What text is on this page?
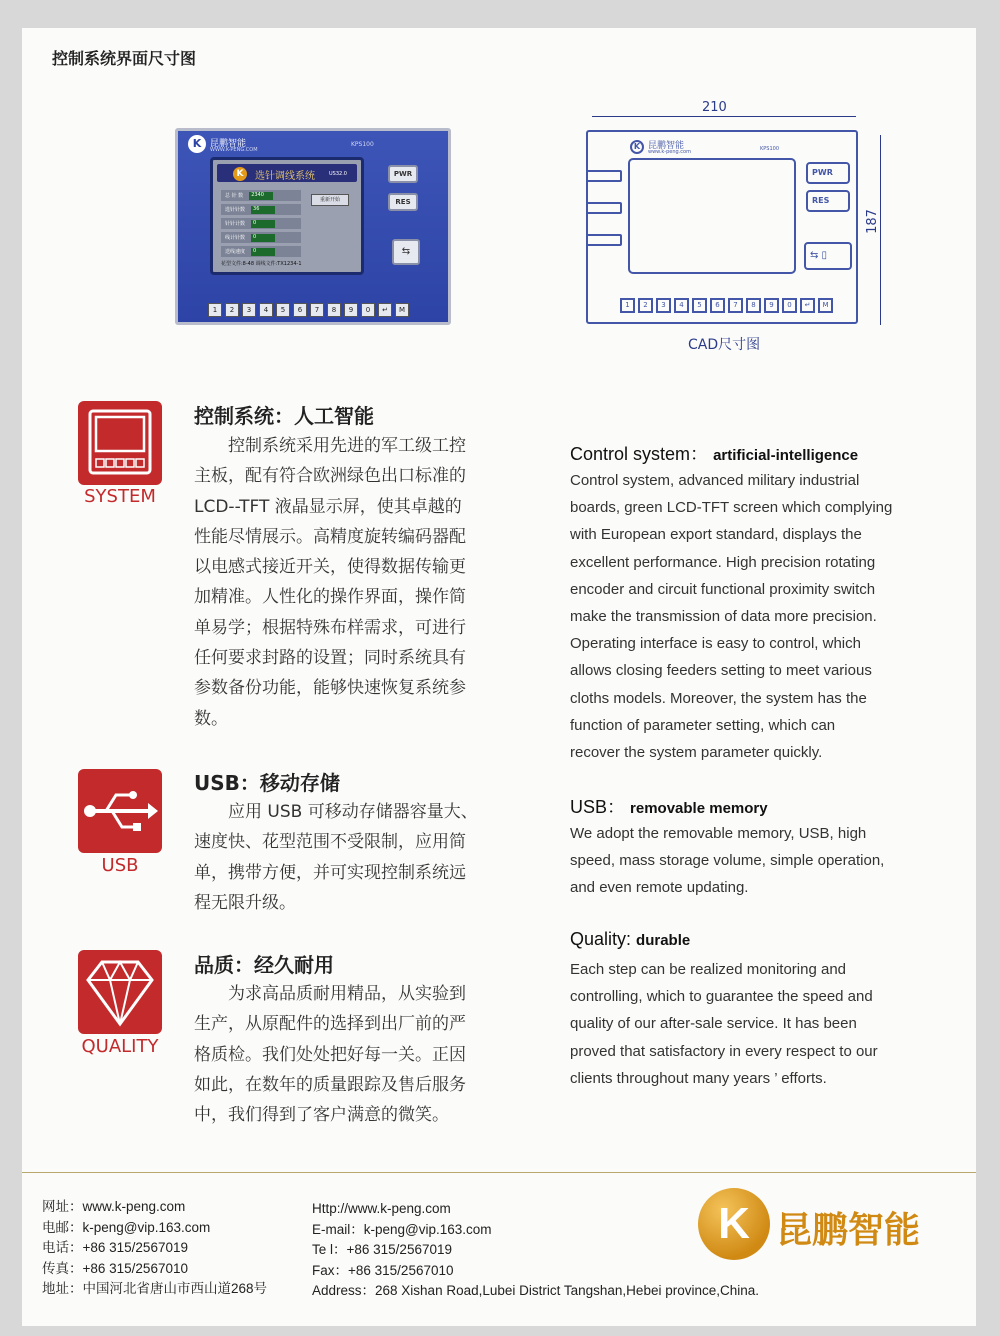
控制系统界面尺寸图
K 昆鹏智能
WWW.K-PENG.COM
KPS100
K	选针调线系统	US32.0
总 针 数	2340
选针针数	36
针针计数	0
线计针数	0
送线速度	0
重新开始
花型文件:8-48 调线文件:TX1234-1
PWR
RES
⇆
1	2	3	4	5	6	7	8	9	0	↵	M
210
187
K 昆鹏智能
www.k-peng.com	KPS100
PWR
RES
⇆ ▯
1	2	3	4	5	6	7	8	9	0	↵	M
CAD尺寸图
SYSTEM
控制系统：人工智能
　　控制系统采用先进的军工级工控
主板，配有符合欧洲绿色出口标准的
LCD--TFT 液晶显示屏，使其卓越的
性能尽情展示。高精度旋转编码器配
以电感式接近开关，使得数据传输更
加精准。人性化的操作界面，操作简
单易学；根据特殊布样需求，可进行
任何要求封路的设置；同时系统具有
参数备份功能，能够快速恢复系统参
数。
Control system： artificial-intelligence
Control system, advanced military industrial
boards, green LCD-TFT screen which complying
with European export standard, displays the
excellent performance. High precision rotating
encoder and circuit functional proximity switch
make the transmission of data more precision.
Operating interface is easy to control, which
allows closing feeders setting to meet various
cloths models. Moreover, the system has the
function of parameter setting, which can
recover the system parameter quickly.
USB
USB：移动存储
　　应用 USB 可移动存储器容量大、
速度快、花型范围不受限制，应用简
单，携带方便，并可实现控制系统远
程无限升级。
USB： removable memory
We adopt the removable memory, USB, high
speed, mass storage volume, simple operation,
and even remote updating.
QUALITY
品质：经久耐用
　　为求高品质耐用精品，从实验到
生产，从原配件的选择到出厂前的严
格质检。我们处处把好每一关。正因
如此，在数年的质量跟踪及售后服务
中，我们得到了客户满意的微笑。
Quality: durable
Each step can be realized monitoring and
controlling, which to guarantee the speed and
quality of our after-sale service. It has been
proved that satisfactory in every respect to our
clients throughout many years ’ efforts.
网址：www.k-peng.com
电邮：k-peng@vip.163.com
电话：+86 315/2567019
传真：+86 315/2567010
地址：中国河北省唐山市西山道268号
Http://www.k-peng.com
E-mail：k-peng@vip.163.com
Te l：+86 315/2567019
Fax：+86 315/2567010
Address：268 Xishan Road,Lubei District Tangshan,Hebei province,China.
K 昆鹏智能
